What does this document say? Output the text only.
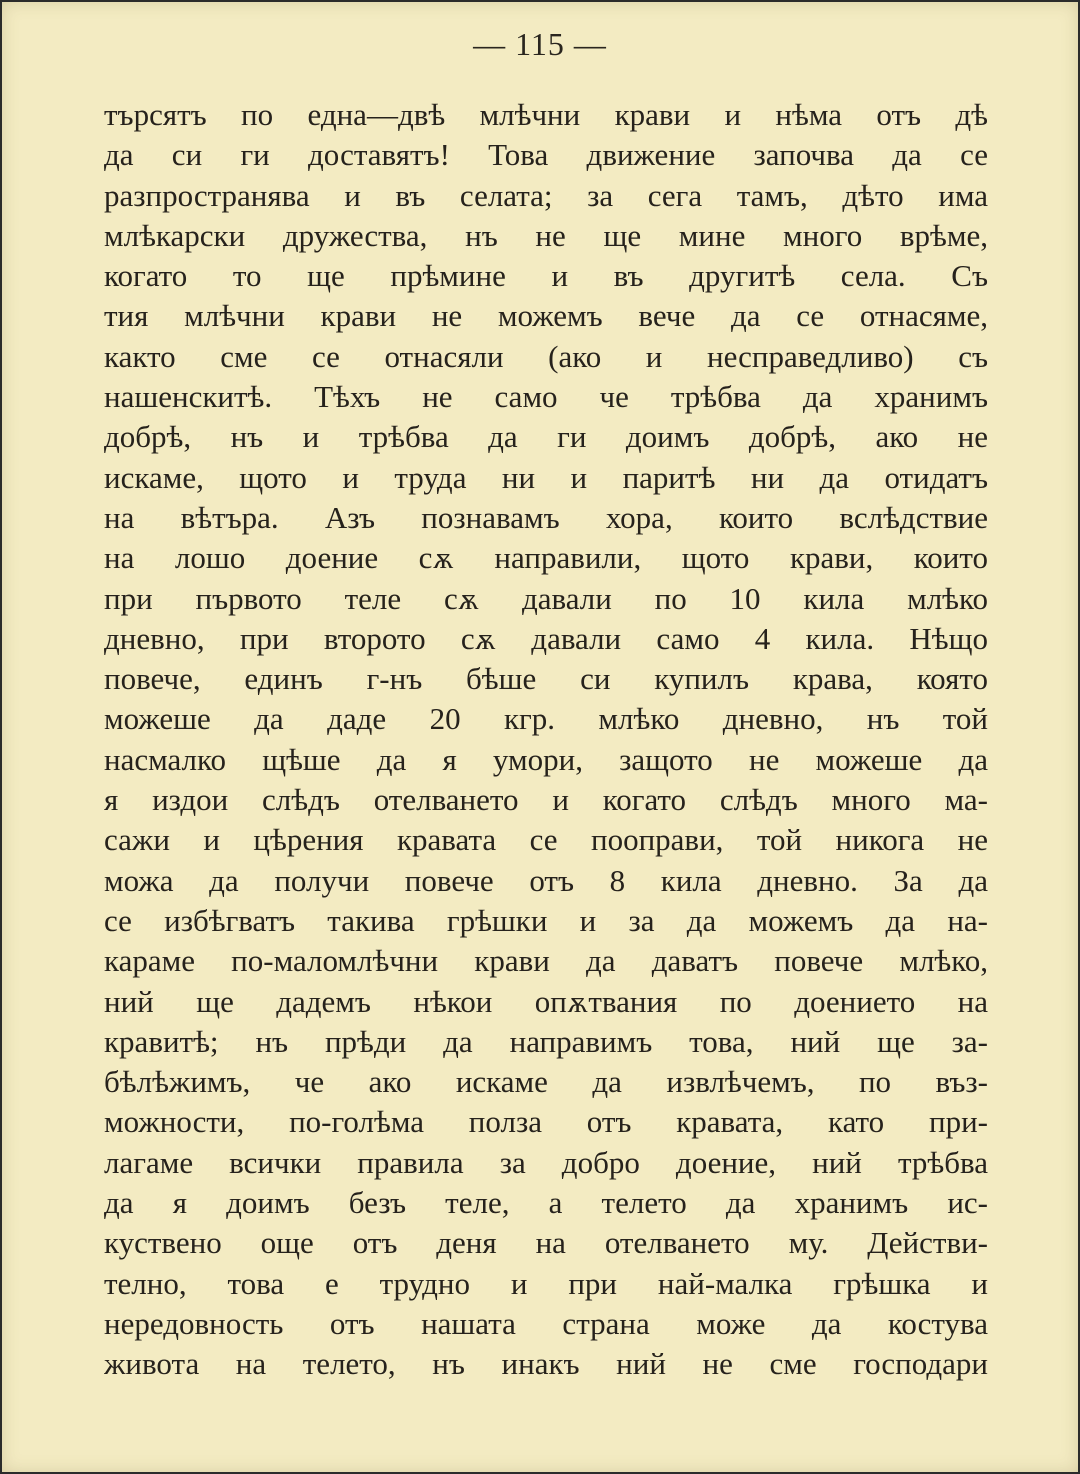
— 115 —
търсятъ по една—двѣ млѣчни крави и нѣма отъ дѣ
да си ги доставятъ! Това движение започва да се
разпространява и въ селата; за сега тамъ, дѣто има
млѣкарски дружества, нъ не ще мине много врѣме,
когато то ще прѣмине и въ другитѣ села. Съ
тия млѣчни крави не можемъ вече да се отнасяме,
както сме се отнасяли (ако и несправедливо) съ
нашенскитѣ. Тѣхъ не само че трѣбва да хранимъ
добрѣ, нъ и трѣбва да ги доимъ добрѣ, ако не
искаме, щото и труда ни и паритѣ ни да отидатъ
на вѣтъра. Азъ познавамъ хора, които вслѣдствие
на лошо доение сѫ направили, щото крави, които
при първото теле сѫ давали по 10 кила млѣко
дневно, при второто сѫ давали само 4 кила. Нѣщо
повече, единъ г-нъ бѣше си купилъ крава, която
можеше да даде 20 кгр. млѣко дневно, нъ той
насмалко щѣше да я умори, защото не можеше да
я издои слѣдъ отелването и когато слѣдъ много ма-
сажи и цѣрения кравата се пооправи, той никога не
можа да получи повече отъ 8 кила дневно. За да
се избѣгватъ такива грѣшки и за да можемъ да на-
караме по-маломлѣчни крави да даватъ повече млѣко,
ний ще дадемъ нѣкои опѫтвания по доението на
кравитѣ; нъ прѣди да направимъ това, ний ще за-
бѣлѣжимъ, че ако искаме да извлѣчемъ, по въз-
можности, по-голѣма полза отъ кравата, като при-
лагаме всички правила за добро доение, ний трѣбва
да я доимъ безъ теле, а телето да хранимъ ис-
куствено още отъ деня на отелването му. Действи-
телно, това е трудно и при най-малка грѣшка и
нередовность отъ нашата страна може да костува
живота на телето, нъ инакъ ний не сме господари
